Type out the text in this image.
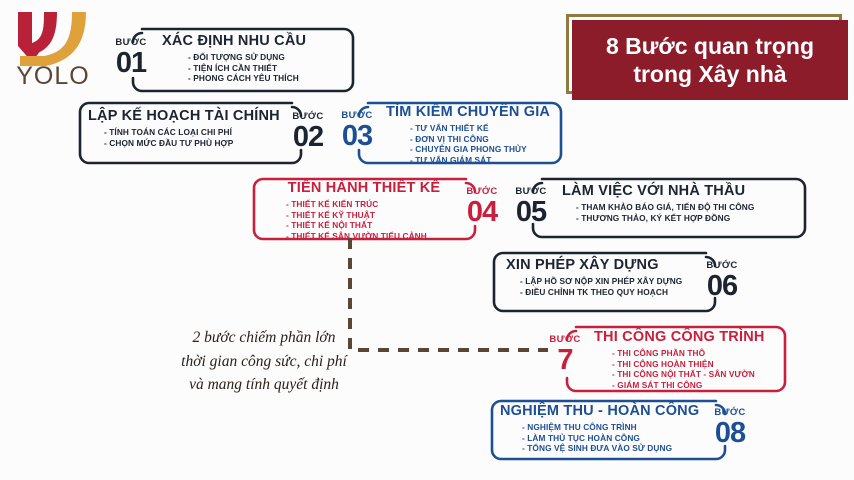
YOLO
8 Bước quan trọng
trong Xây nhà
BƯỚC
01
XÁC ĐỊNH NHU CẦU
- ĐỐI TƯỢNG SỬ DỤNG
- TIỆN ÍCH CẦN THIẾT
- PHONG CÁCH YÊU THÍCH
LẬP KẾ HOẠCH TÀI CHÍNH
- TÍNH TOÁN CÁC LOẠI CHI PHÍ
- CHỌN MỨC ĐẦU TƯ PHÙ HỢP
BƯỚC
02
BƯỚC
03
TÌM KIẾM CHUYÊN GIA
- TƯ VẤN THIẾT KẾ
- ĐƠN VỊ THI CÔNG
- CHUYÊN GIA PHONG THỦY
- TƯ VẤN GIÁM SÁT
TIẾN HÀNH THIẾT KẾ
- THIẾT KẾ KIẾN TRÚC
- THIẾT KẾ KỸ THUẬT
- THIẾT KẾ NỘI THẤT
- THIẾT KẾ SÂN VƯỜN TIỂU CẢNH
BƯỚC
04
BƯỚC
05
LÀM VIỆC VỚI NHÀ THẦU
- THAM KHẢO BÁO GIÁ, TIẾN ĐỘ THI CÔNG
- THƯƠNG THẢO, KÝ KẾT HỢP ĐỒNG
XIN PHÉP XÂY DỰNG
- LẬP HỒ SƠ NỘP XIN PHÉP XÂY DỰNG
- ĐIỀU CHỈNH TK THEO QUY HOẠCH
BƯỚC
06
BƯỚC
7
THI CÔNG CÔNG TRÌNH
- THI CÔNG PHẦN THÔ
- THI CÔNG HOÀN THIỆN
- THI CÔNG NỘI THẤT - SÂN VƯỜN
- GIÁM SÁT THI CÔNG
NGHIỆM THU - HOÀN CÔNG
- NGHIỆM THU CÔNG TRÌNH
- LÀM THỦ TỤC HOÀN CÔNG
- TỔNG VỆ SINH ĐƯA VÀO SỬ DỤNG
BƯỚC
08
2 bước chiếm phần lớn
thời gian công sức, chi phí
và mang tính quyết định
